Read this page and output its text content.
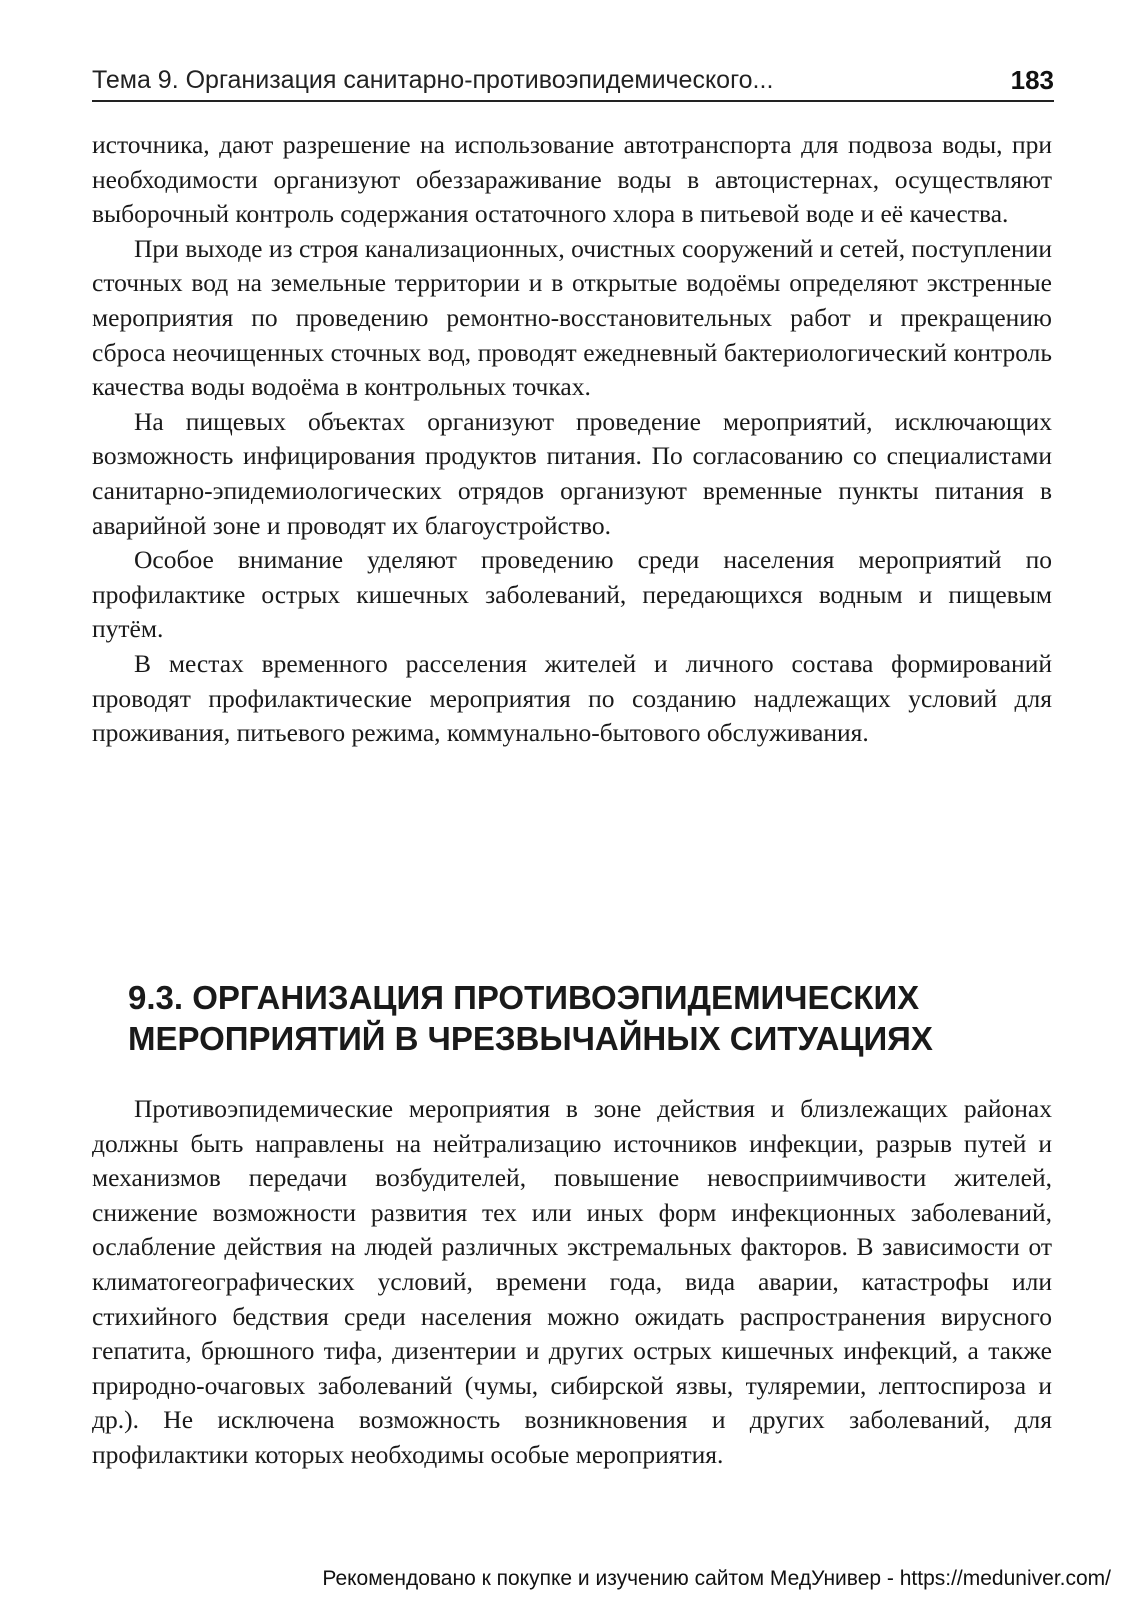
Тема 9. Организация санитарно-противоэпидемического...	183

источника, дают разрешение на использование автотранспорта для подвоза воды, при необходимости организуют обеззараживание воды в автоцистернах, осуществляют выборочный контроль содержания остаточного хлора в питьевой воде и её качества.

При выходе из строя канализационных, очистных сооружений и сетей, поступлении сточных вод на земельные территории и в открытые водоёмы определяют экстренные мероприятия по проведению ремонтно-восстановительных работ и прекращению сброса неочищенных сточных вод, проводят ежедневный бактериологический контроль качества воды водоёма в контрольных точках.

На пищевых объектах организуют проведение мероприятий, исключающих возможность инфицирования продуктов питания. По согласованию со специалистами санитарно-эпидемиологических отрядов организуют временные пункты питания в аварийной зоне и проводят их благоустройство.

Особое внимание уделяют проведению среди населения мероприятий по профилактике острых кишечных заболеваний, передающихся водным и пищевым путём.

В местах временного расселения жителей и личного состава формирований проводят профилактические мероприятия по созданию надлежащих условий для проживания, питьевого режима, коммунально-бытового обслуживания.

9.3. ОРГАНИЗАЦИЯ ПРОТИВОЭПИДЕМИЧЕСКИХ
МЕРОПРИЯТИЙ В ЧРЕЗВЫЧАЙНЫХ СИТУАЦИЯХ

Противоэпидемические мероприятия в зоне действия и близлежащих районах должны быть направлены на нейтрализацию источников инфекции, разрыв путей и механизмов передачи возбудителей, повышение невосприимчивости жителей, снижение возможности развития тех или иных форм инфекционных заболеваний, ослабление действия на людей различных экстремальных факторов. В зависимости от климатогеографических условий, времени года, вида аварии, катастрофы или стихийного бедствия среди населения можно ожидать распространения вирусного гепатита, брюшного тифа, дизентерии и других острых кишечных инфекций, а также природно-очаговых заболеваний (чумы, сибирской язвы, туляремии, лептоспироза и др.). Не исключена возможность возникновения и других заболеваний, для профилактики которых необходимы особые мероприятия.

Рекомендовано к покупке и изучению сайтом МедУнивер - https://meduniver.com/
